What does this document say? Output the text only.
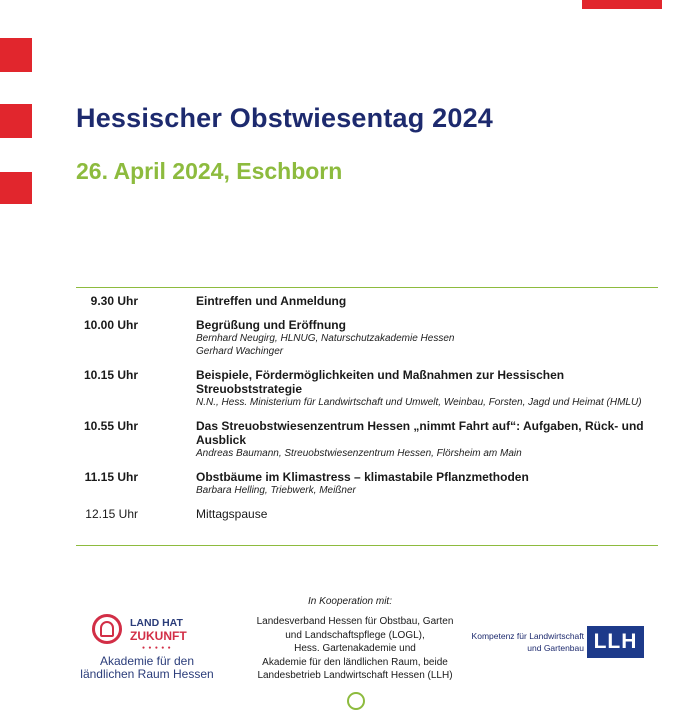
Hessischer Obstwiesentag 2024
26. April 2024, Eschborn
9.30 Uhr	Eintreffen und Anmeldung
10.00 Uhr	Begrüßung und Eröffnung
Bernhard Neugirg, HLNUG, Naturschutzakademie Hessen
Gerhard Wachinger
10.15 Uhr	Beispiele, Fördermöglichkeiten und Maßnahmen zur Hessischen Streuobststrategie
N.N., Hess. Ministerium für Landwirtschaft und Umwelt, Weinbau, Forsten, Jagd und Heimat (HMLU)
10.55 Uhr	Das Streuobstwiesenzentrum Hessen „nimmt Fahrt auf“: Aufgaben, Rück- und Ausblick
Andreas Baumann, Streuobstwiesenzentrum Hessen, Flörsheim am Main
11.15 Uhr	Obstbäume im Klimastress – klimastabile Pflanzmethoden
Barbara Helling, Triebwerk, Meißner
12.15 Uhr	Mittagspause
In Kooperation mit:
Landesverband Hessen für Obstbau, Garten
und Landschaftspflege (LOGL),
Hess. Gartenakademie und
Akademie für den ländlichen Raum, beide
Landesbetrieb Landwirtschaft Hessen (LLH)
LAND HAT
ZUKUNFT
● ● ● ● ●
Akademie für den
ländlichen Raum Hessen
Kompetenz für Landwirtschaft
und Gartenbau LLH
